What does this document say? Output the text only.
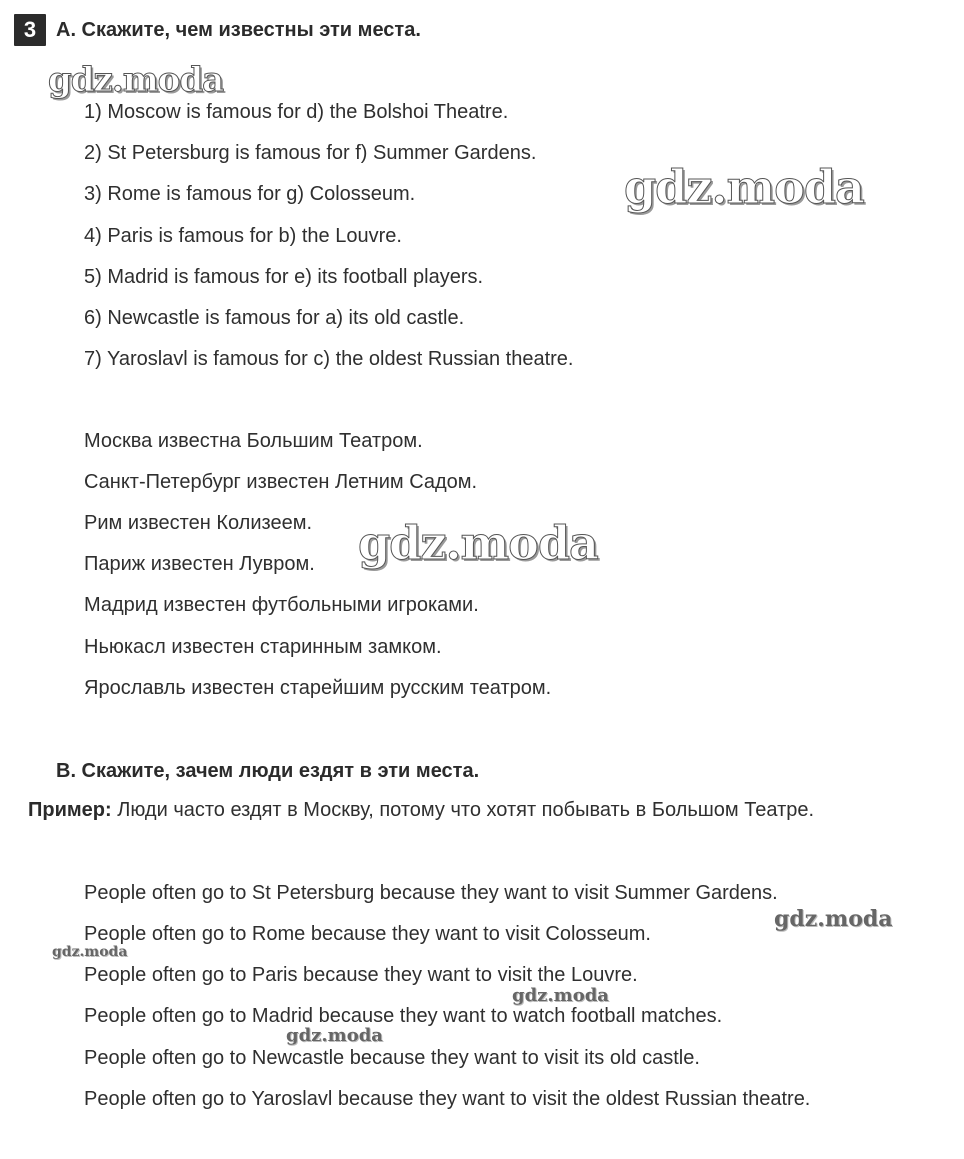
3 А. Скажите, чем известны эти места.
1) Moscow is famous for d) the Bolshoi Theatre.
2) St Petersburg is famous for f) Summer Gardens.
3) Rome is famous for g) Colosseum.
4) Paris is famous for b) the Louvre.
5) Madrid is famous for e) its football players.
6) Newcastle is famous for a) its old castle.
7) Yaroslavl is famous for c) the oldest Russian theatre.
Москва известна Большим Театром.
Санкт-Петербург известен Летним Садом.
Рим известен Колизеем.
Париж известен Лувром.
Мадрид известен футбольными игроками.
Ньюкасл известен старинным замком.
Ярославль известен старейшим русским театром.
В. Скажите, зачем люди ездят в эти места.
Пример: Люди часто ездят в Москву, потому что хотят побывать в Большом Театре.
People often go to St Petersburg because they want to visit Summer Gardens.
People often go to Rome because they want to visit Colosseum.
People often go to Paris because they want to visit the Louvre.
People often go to Madrid because they want to watch football matches.
People often go to Newcastle because they want to visit its old castle.
People often go to Yaroslavl because they want to visit the oldest Russian theatre.
gdz.moda
gdz.moda
gdz.moda
gdz.moda
gdz.moda
gdz.moda
gdz.moda
